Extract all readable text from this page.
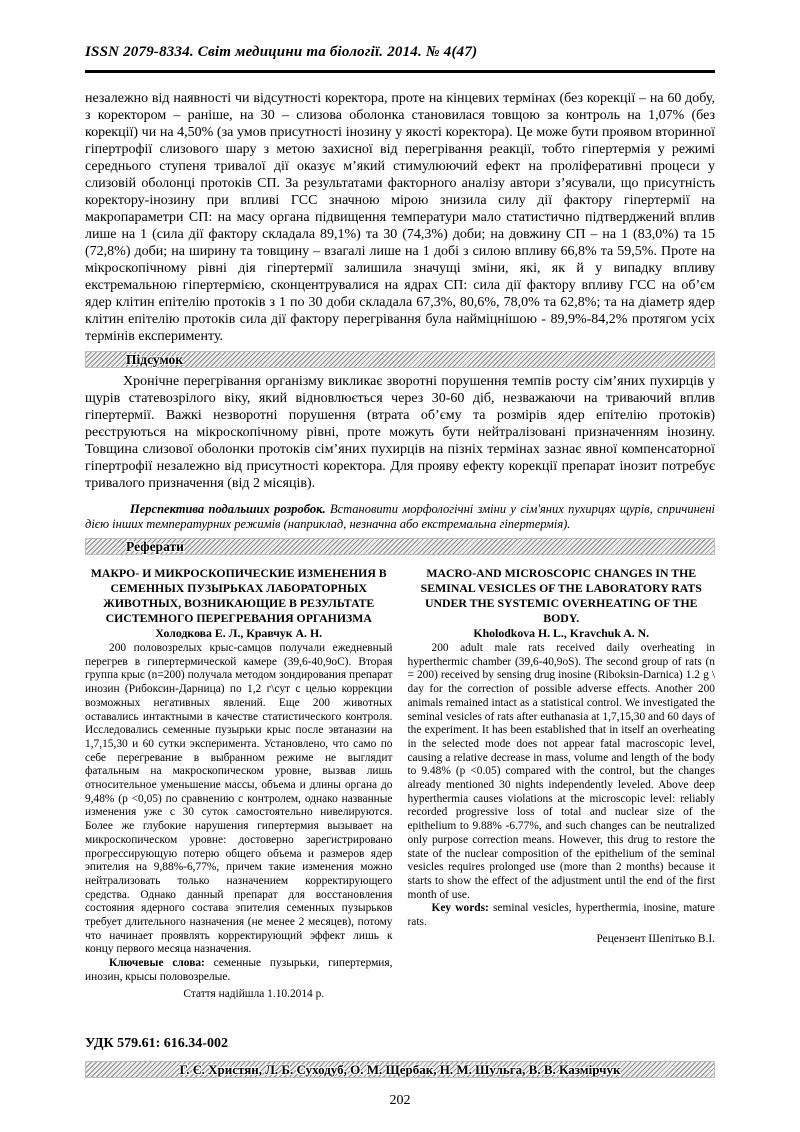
ISSN 2079-8334. Світ медицини та біології. 2014. № 4(47)

незалежно від наявності чи відсутності коректора, проте на кінцевих термінах (без корекції – на 60 добу, з коректором – раніше, на 30 – слизова оболонка становилася товщою за контроль на 1,07% (без корекції) чи на 4,50% (за умов присутності інозину у якості коректора). Це може бути проявом вторинної гіпертрофії слизового шару з метою захисної від перегрівання реакції, тобто гіпертермія у режимі середнього ступеня тривалої дії оказує м’який стимулюючий ефект на проліферативні процеси у слизовій оболонці протоків СП. За результатами факторного аналізу автори з’ясували, що присутність коректору-інозину при впливі ГСС значною мірою знизила силу дії фактору гіпертермії на макропараметри СП: на масу органа підвищення температури мало статистично підтверджений вплив лише на 1 (сила дії фактору складала 89,1%) та 30 (74,3%) доби; на довжину СП – на 1 (83,0%) та 15 (72,8%) доби; на ширину та товщину – взагалі лише на 1 добі з силою впливу 66,8% та 59,5%. Проте на мікроскопічному рівні дія гіпертермії залишила значущі зміни, які, як й у випадку впливу екстремальною гіпертермією, сконцентрувалися на ядрах СП: сила дії фактору впливу ГСС на об’єм ядер клітин епітелію протоків з 1 по 30 доби складала 67,3%, 80,6%, 78,0% та 62,8%; та на діаметр ядер клітин епітелію протоків сила дії фактору перегрівання була найміцнішою - 89,9%-84,2% протягом усіх термінів експерименту.

Підсумок

Хронічне перегрівання організму викликає зворотні порушення темпів росту сім’яних пухирців у щурів статевозрілого віку, який відновлюється через 30-60 діб, незважаючи на триваючий вплив гіпертермії. Важкі незворотні порушення (втрата об’єму та розмірів ядер епітелію протоків) реєструються на мікроскопічному рівні, проте можуть бути нейтралізовані призначенням інозину. Товщина слизової оболонки протоків сім’яних пухирців на пізніх термінах зазнає явної компенсаторної гіпертрофії незалежно від присутності коректора. Для прояву ефекту корекції препарат інозит потребує тривалого призначення (від 2 місяців).

Перспектива подальших розробок. Встановити морфологічні зміни у сім'яних пухирцях щурів, спричинені дією інших температурних режимів (наприклад, незначна або екстремальна гіпертермія).

Реферати

МАКРО- И МИКРОСКОПИЧЕСКИЕ ИЗМЕНЕНИЯ В СЕМЕННЫХ ПУЗЫРЬКАХ ЛАБОРАТОРНЫХ ЖИВОТНЫХ, ВОЗНИКАЮЩИЕ В РЕЗУЛЬТАТЕ СИСТЕМНОГО ПЕРЕГРЕВАНИЯ ОРГАНИЗМА

Холодкова Е. Л., Кравчук А. Н.

200 половозрелых крыс-самцов получали ежедневный перегрев в гипертермической камере (39,6-40,9оС). Вторая группа крыс (n=200) получала методом зондирования препарат инозин (Рибоксин-Дарница) по 1,2 г\сут с целью коррекции возможных негативных явлений. Еще 200 животных оставались интактными в качестве статистического контроля. Исследовались семенные пузырьки крыс после эвтаназии на 1,7,15,30 и 60 сутки эксперимента. Установлено, что само по себе перегревание в выбранном режиме не выглядит фатальным на макроскопическом уровне, вызвав лишь относительное уменьшение массы, объема и длины органа до 9,48% (р <0,05) по сравнению с контролем, однако названные изменения уже с 30 суток самостоятельно нивелируются. Более же глубокие нарушения гипертермия вызывает на микроскопическом уровне: достоверно зарегистрировано прогрессирующую потерю общего объема и размеров ядер эпителия на 9,88%-6,77%, причем такие изменения можно нейтрализовать только назначением корректирующего средства. Однако данный препарат для восстановления состояния ядерного состава эпителия семенных пузырьков требует длительного назначения (не менее 2 месяцев), потому что начинает проявлять корректирующий эффект лишь к концу первого месяца назначения.

Ключевые слова: семенные пузырьки, гипертермия, инозин, крысы половозрелые.

Стаття надійшла 1.10.2014 р.

MACRO-AND MICROSCOPIC CHANGES IN THE SEMINAL VESICLES OF THE LABORATORY RATS UNDER THE SYSTEMIC OVERHEATING OF THE BODY.

Kholodkova H. L., Kravchuk A. N.

200 adult male rats received daily overheating in hyperthermic chamber (39,6-40,9oS). The second group of rats (n = 200) received by sensing drug inosine (Riboksin-Darnica) 1.2 g \ day for the correction of possible adverse effects. Another 200 animals remained intact as a statistical control. We investigated the seminal vesicles of rats after euthanasia at 1,7,15,30 and 60 days of the experiment. It has been established that in itself an overheating in the selected mode does not appear fatal macroscopic level, causing a relative decrease in mass, volume and length of the body to 9.48% (p <0.05) compared with the control, but the changes already mentioned 30 nights independently leveled. Above deep hyperthermia causes violations at the microscopic level: reliably recorded progressive loss of total and nuclear size of the epithelium to 9.88% -6.77%, and such changes can be neutralized only purpose correction means. However, this drug to restore the state of the nuclear composition of the epithelium of the seminal vesicles requires prolonged use (more than 2 months) because it starts to show the effect of the adjustment until the end of the first month of use.

Key words: seminal vesicles, hyperthermia, inosine, mature rats.

Рецензент Шепітько В.І.

УДК 579.61: 616.34-002
Г. Є. Христян, Л. Б. Суходуб, О. М. Щербак, Н. М. Шульга, В. В. Казмірчук
202
